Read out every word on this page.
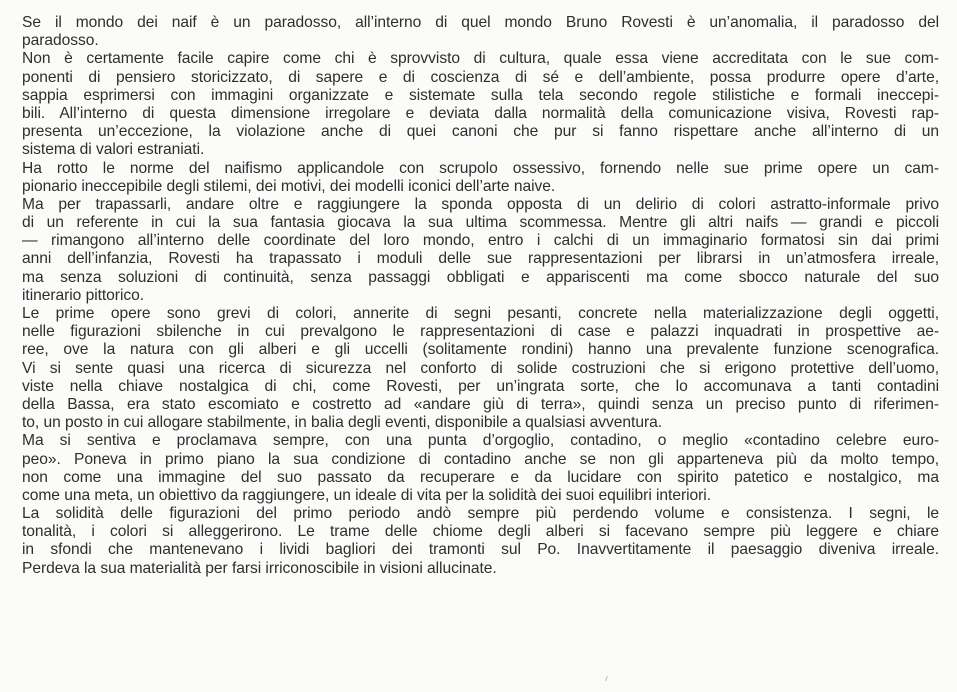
Se il mondo dei naif è un paradosso, all’interno di quel mondo Bruno Rovesti è un’anomalia, il paradosso del
paradosso.
Non è certamente facile capire come chi è sprovvisto di cultura, quale essa viene accreditata con le sue com-
ponenti di pensiero storicizzato, di sapere e di coscienza di sé e dell’ambiente, possa produrre opere d’arte,
sappia esprimersi con immagini organizzate e sistemate sulla tela secondo regole stilistiche e formali ineccepi-
bili. All’interno di questa dimensione irregolare e deviata dalla normalità della comunicazione visiva, Rovesti rap-
presenta un’eccezione, la violazione anche di quei canoni che pur si fanno rispettare anche all’interno di un
sistema di valori estraniati.
Ha rotto le norme del naifismo applicandole con scrupolo ossessivo, fornendo nelle sue prime opere un cam-
pionario ineccepibile degli stilemi, dei motivi, dei modelli iconici dell’arte naive.
Ma per trapassarli, andare oltre e raggiungere la sponda opposta di un delirio di colori astratto-informale privo
di un referente in cui la sua fantasia giocava la sua ultima scommessa. Mentre gli altri naifs — grandi e piccoli
— rimangono all’interno delle coordinate del loro mondo, entro i calchi di un immaginario formatosi sin dai primi
anni dell’infanzia, Rovesti ha trapassato i moduli delle sue rappresentazioni per librarsi in un’atmosfera irreale,
ma senza soluzioni di continuità, senza passaggi obbligati e appariscenti ma come sbocco naturale del suo
itinerario pittorico.
Le prime opere sono grevi di colori, annerite di segni pesanti, concrete nella materializzazione degli oggetti,
nelle figurazioni sbilenche in cui prevalgono le rappresentazioni di case e palazzi inquadrati in prospettive ae-
ree, ove la natura con gli alberi e gli uccelli (solitamente rondini) hanno una prevalente funzione scenografica.
Vi si sente quasi una ricerca di sicurezza nel conforto di solide costruzioni che si erigono protettive dell’uomo,
viste nella chiave nostalgica di chi, come Rovesti, per un’ingrata sorte, che lo accomunava a tanti contadini
della Bassa, era stato escomiato e costretto ad «andare giù di terra», quindi senza un preciso punto di riferimen-
to, un posto in cui allogare stabilmente, in balia degli eventi, disponibile a qualsiasi avventura.
Ma si sentiva e proclamava sempre, con una punta d’orgoglio, contadino, o meglio «contadino celebre euro-
peo». Poneva in primo piano la sua condizione di contadino anche se non gli apparteneva più da molto tempo,
non come una immagine del suo passato da recuperare e da lucidare con spirito patetico e nostalgico, ma
come una meta, un obiettivo da raggiungere, un ideale di vita per la solidità dei suoi equilibri interiori.
La solidità delle figurazioni del primo periodo andò sempre più perdendo volume e consistenza. I segni, le
tonalità, i colori si alleggerirono. Le trame delle chiome degli alberi si facevano sempre più leggere e chiare
in sfondi che mantenevano i lividi bagliori dei tramonti sul Po. Inavvertitamente il paesaggio diveniva irreale.
Perdeva la sua materialità per farsi irriconoscibile in visioni allucinate.
